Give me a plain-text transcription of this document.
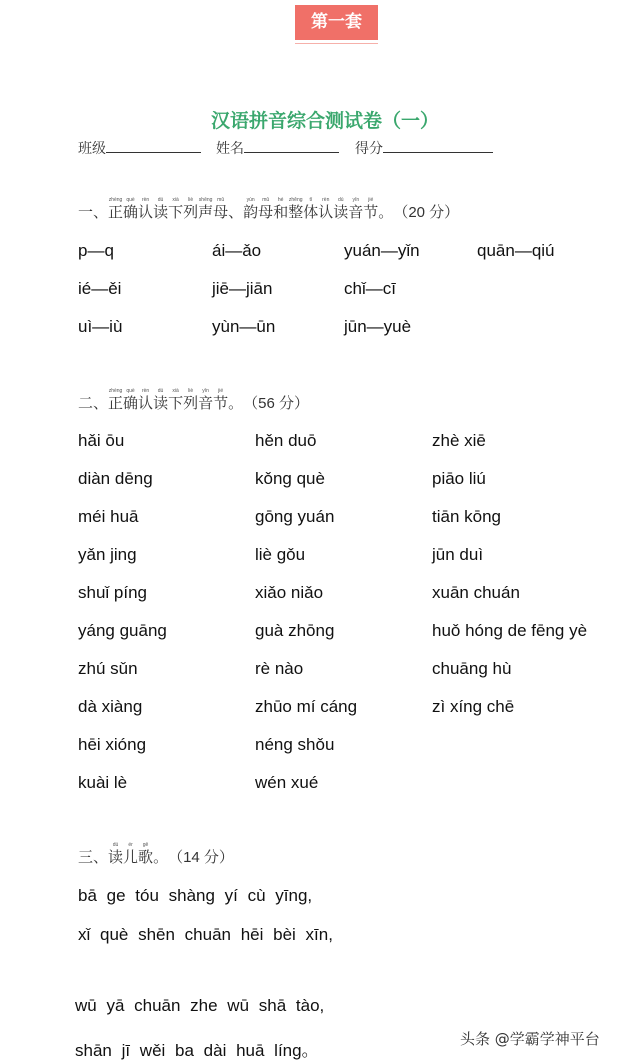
第一套
汉语拼音综合测试卷（一）
班级	姓名	得分
一、正zhèng确què认rèn读dú下xià列liè声shēng母mǔ、韵yùn母mǔ和hé整zhěng体tǐ认rèn读dú音yīn节jié。（20 分）
p—q	ái—ǎo	yuán—yǐn	quān—qiú
ié—ěi	jiē—jiān	chǐ—cī
uì—iù	yùn—ūn	jūn—yuè
二、正zhèng确què认rèn读dú下xià列liè音yīn节jié。（56 分）
hǎi ōu	hěn duō	zhè xiē
diàn dēng	kǒng què	piāo liú
méi huā	gōng yuán	tiān kōng
yǎn jing	liè gǒu	jūn duì
shuǐ píng	xiǎo niǎo	xuān chuán
yáng guāng	guà zhōng	huǒ hóng de fēng yè
zhú sǔn	rè nào	chuāng hù
dà xiàng	zhūo mí cáng	zì xíng chē
hēi xióng	néng shǒu
kuài lè	wén xué
三、读dú儿ér歌gē。（14 分）
bā ge tóu shàng yí cù yīng,
xǐ què shēn chuān hēi bèi xīn,
wū yā chuān zhe wū shā tào,
shān jī wěi ba dài huā líng。
头条 @学霸学神平台
